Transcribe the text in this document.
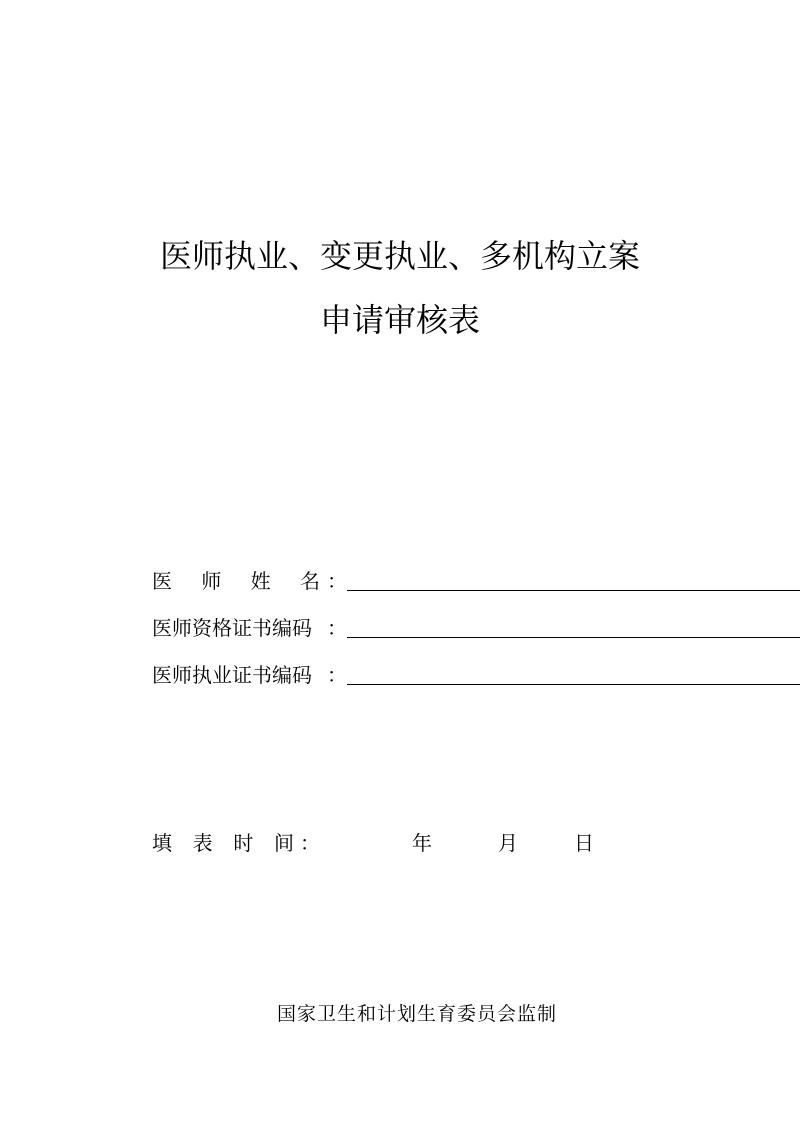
医师执业、变更执业、多机构立案
申请审核表
医　师　姓　名 ：
医师资格证书编码 ：
医师执业证书编码 ：
填　表　时　间 ：	年	月	日
国家卫生和计划生育委员会监制
